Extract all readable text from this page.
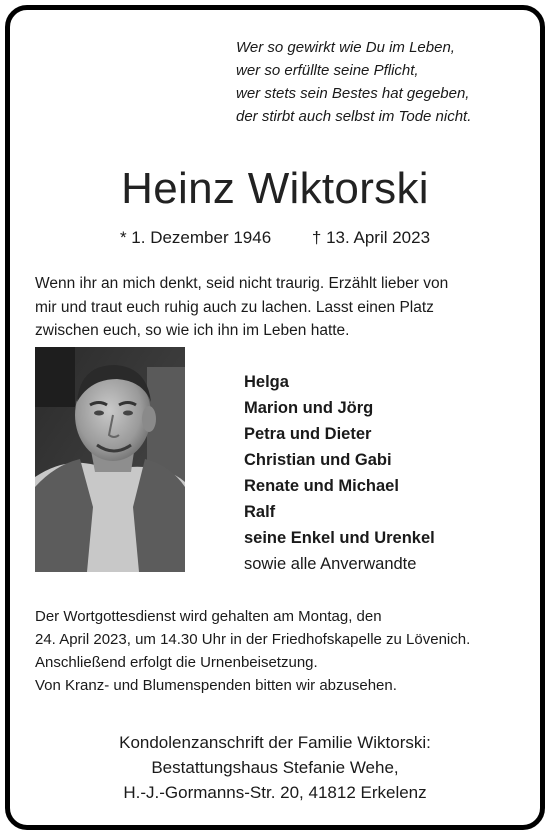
Wer so gewirkt wie Du im Leben,
wer so erfüllte seine Pflicht,
wer stets sein Bestes hat gegeben,
der stirbt auch selbst im Tode nicht.
Heinz Wiktorski
* 1. Dezember 1946 † 13. April 2023
Wenn ihr an mich denkt, seid nicht traurig. Erzählt lieber von
mir und traut euch ruhig auch zu lachen. Lasst einen Platz
zwischen euch, so wie ich ihn im Leben hatte.
Helga
Marion und Jörg
Petra und Dieter
Christian und Gabi
Renate und Michael
Ralf
seine Enkel und Urenkel
sowie alle Anverwandte
Der Wortgottesdienst wird gehalten am Montag, den
24. April 2023, um 14.30 Uhr in der Friedhofskapelle zu Lövenich.
Anschließend erfolgt die Urnenbeisetzung.
Von Kranz- und Blumenspenden bitten wir abzusehen.
Kondolenzanschrift der Familie Wiktorski:
Bestattungshaus Stefanie Wehe,
H.-J.-Gormanns-Str. 20, 41812 Erkelenz
